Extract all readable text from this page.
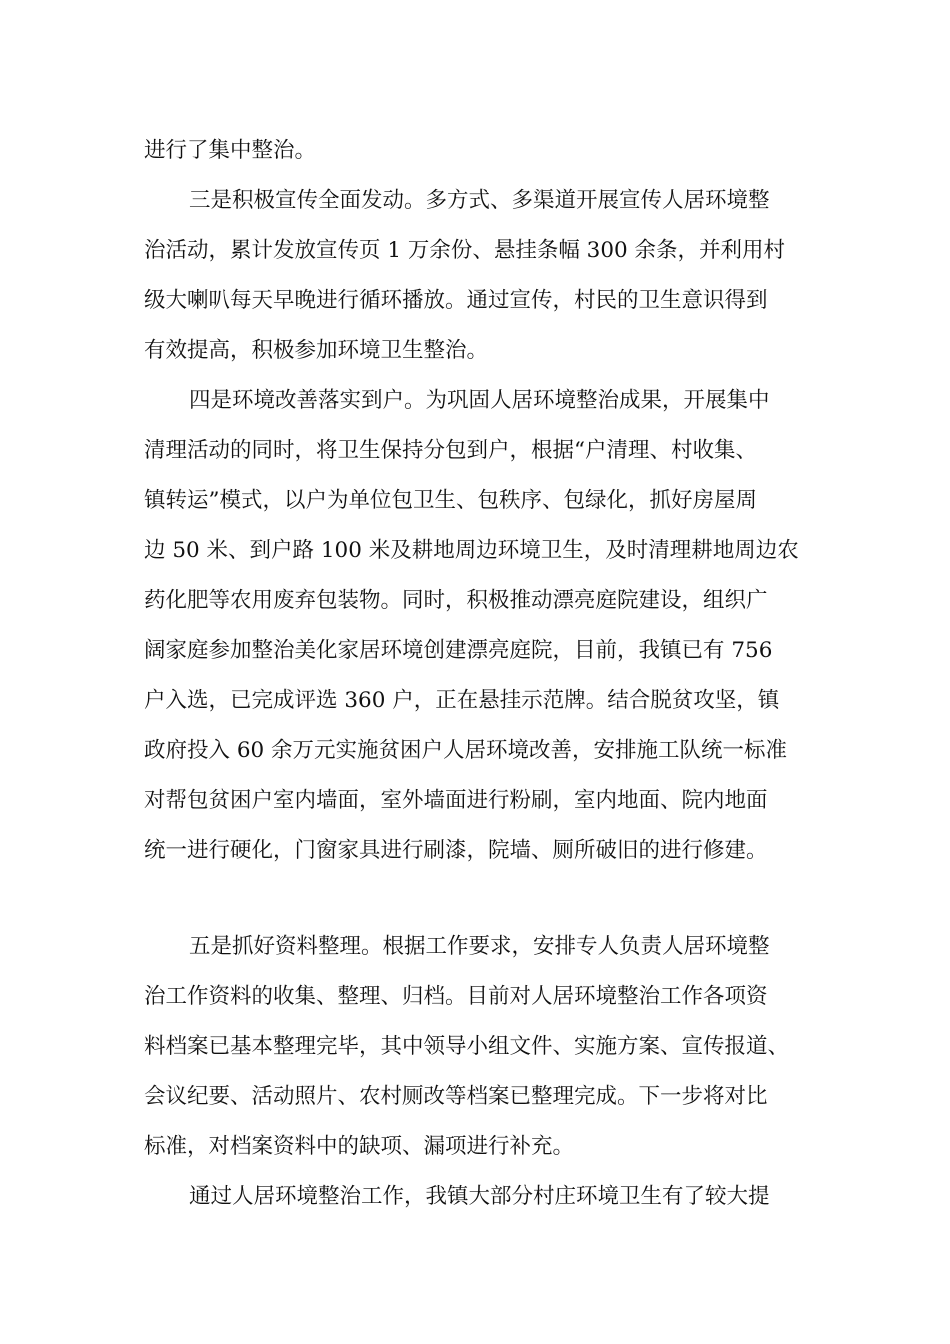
进行了集中整治。

三是积极宣传全面发动。多方式、多渠道开展宣传人居环境整

治活动，累计发放宣传页 1 万余份、悬挂条幅 300 余条，并利用村

级大喇叭每天早晚进行循环播放。通过宣传，村民的卫生意识得到

有效提高，积极参加环境卫生整治。

四是环境改善落实到户。为巩固人居环境整治成果，开展集中

清理活动的同时，将卫生保持分包到户，根据“户清理、村收集、

镇转运”模式，以户为单位包卫生、包秩序、包绿化，抓好房屋周

边 50 米、到户路 100 米及耕地周边环境卫生，及时清理耕地周边农

药化肥等农用废弃包装物。同时，积极推动漂亮庭院建设，组织广

阔家庭参加整治美化家居环境创建漂亮庭院，目前，我镇已有 756

户入选，已完成评选 360 户，正在悬挂示范牌。结合脱贫攻坚，镇

政府投入 60 余万元实施贫困户人居环境改善，安排施工队统一标准

对帮包贫困户室内墙面，室外墙面进行粉刷，室内地面、院内地面

统一进行硬化，门窗家具进行刷漆，院墙、厕所破旧的进行修建。

五是抓好资料整理。根据工作要求，安排专人负责人居环境整

治工作资料的收集、整理、归档。目前对人居环境整治工作各项资

料档案已基本整理完毕，其中领导小组文件、实施方案、宣传报道、

会议纪要、活动照片、农村厕改等档案已整理完成。下一步将对比

标准，对档案资料中的缺项、漏项进行补充。

通过人居环境整治工作，我镇大部分村庄环境卫生有了较大提
